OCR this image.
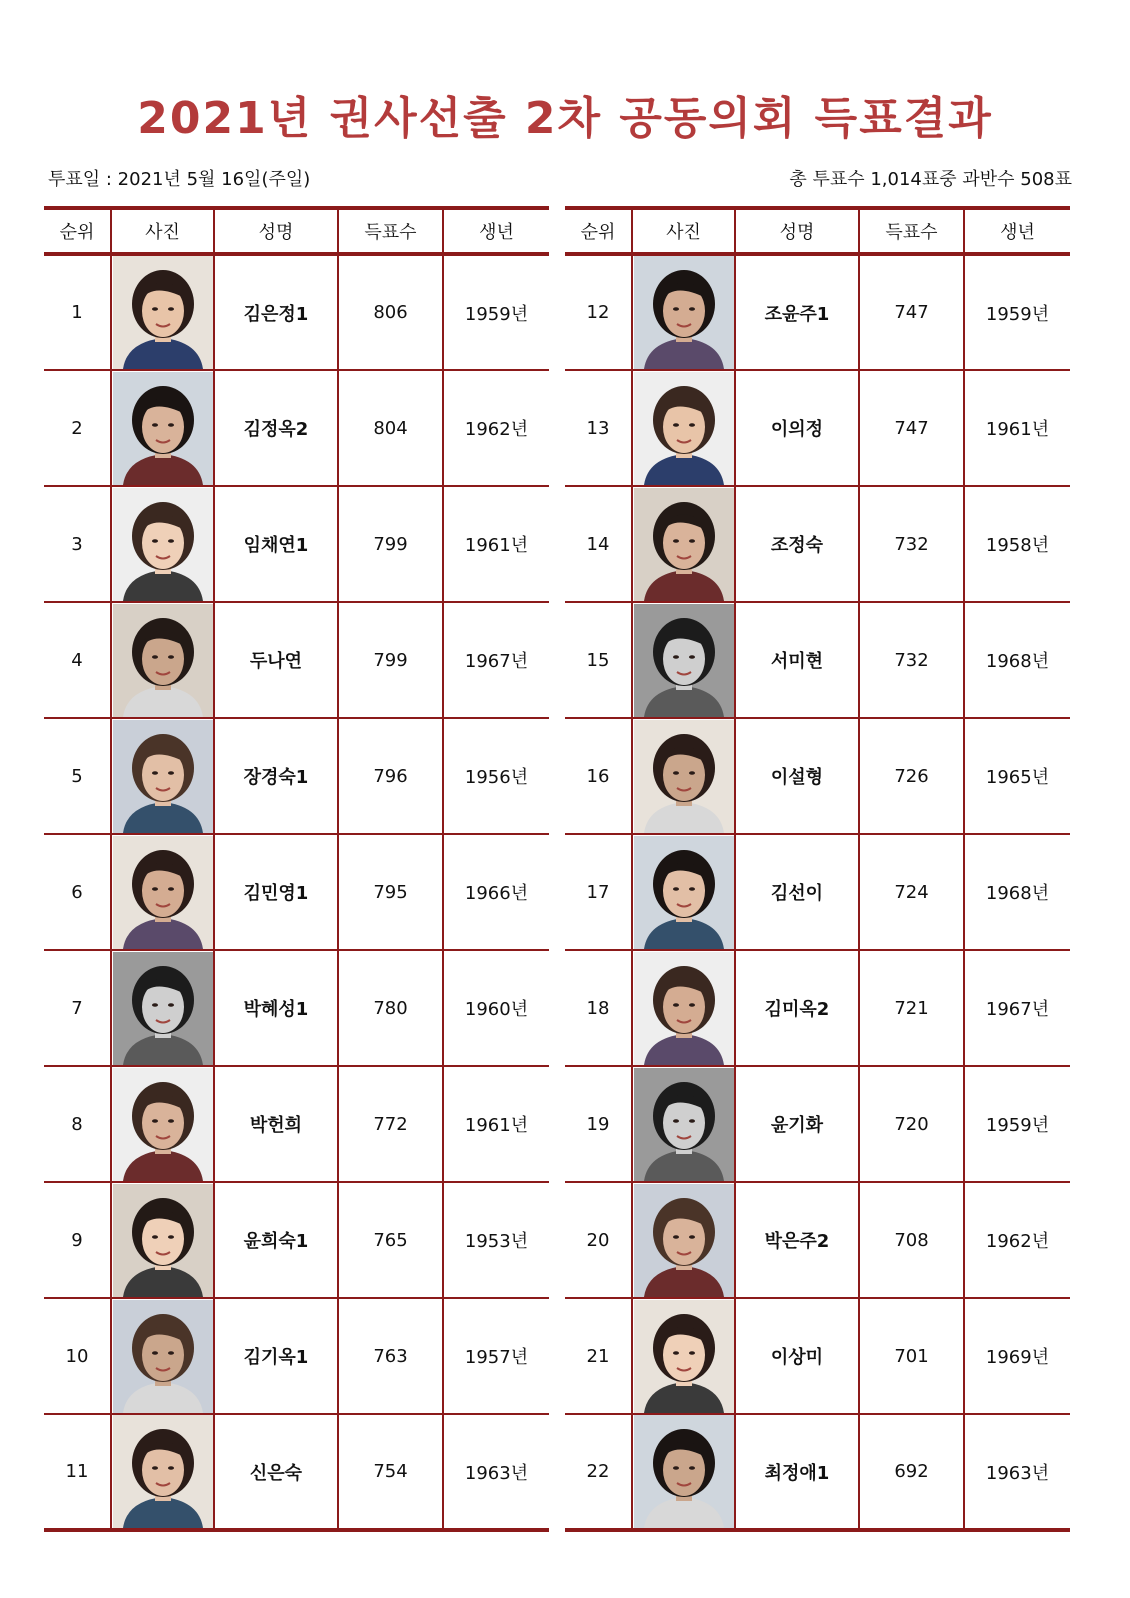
2021년 권사선출 2차 공동의회 득표결과
투표일 : 2021년 5월 16일(주일)	총 투표수 1,014표중 과반수 508표
순위	사진	성명	득표수	생년
1		김은정1	806	1959년
2		김정옥2	804	1962년
3		임채연1	799	1961년
4		두나연	799	1967년
5		장경숙1	796	1956년
6		김민영1	795	1966년
7		박혜성1	780	1960년
8		박헌희	772	1961년
9		윤희숙1	765	1953년
10		김기옥1	763	1957년
11		신은숙	754	1963년
순위	사진	성명	득표수	생년
12		조윤주1	747	1959년
13		이의정	747	1961년
14		조정숙	732	1958년
15		서미현	732	1968년
16		이설형	726	1965년
17		김선이	724	1968년
18		김미옥2	721	1967년
19		윤기화	720	1959년
20		박은주2	708	1962년
21		이상미	701	1969년
22		최정애1	692	1963년
